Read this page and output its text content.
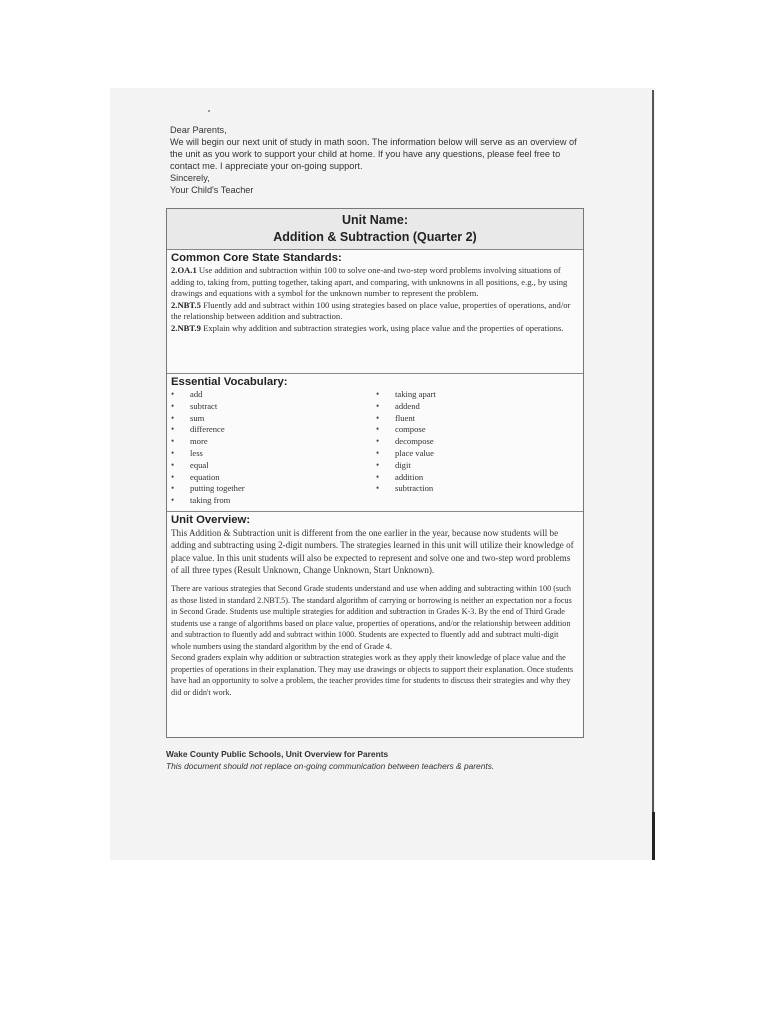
Dear Parents,

We will begin our next unit of study in math soon. The information below will serve as an overview of the unit as you work to support your child at home. If you have any questions, please feel free to contact me. I appreciate your on-going support.

Sincerely,

Your Child's Teacher

Unit Name:
Addition & Subtraction (Quarter 2)
Common Core State Standards:

2.OA.1 Use addition and subtraction within 100 to solve one-and two-step word problems involving situations of adding to, taking from, putting together, taking apart, and comparing, with unknowns in all positions, e.g., by using drawings and equations with a symbol for the unknown number to represent the problem.

2.NBT.5 Fluently add and subtract within 100 using strategies based on place value, properties of operations, and/or the relationship between addition and subtraction.

2.NBT.9 Explain why addition and subtraction strategies work, using place value and the properties of operations.

Essential Vocabulary:
• add
• subtract
• sum
• difference
• more
• less
• equal
• equation
• putting together
• taking from
• taking apart
• addend
• fluent
• compose
• decompose
• place value
• digit
• addition
• subtraction
Unit Overview:

This Addition & Subtraction unit is different from the one earlier in the year, because now students will be adding and subtracting using 2-digit numbers. The strategies learned in this unit will utilize their knowledge of place value. In this unit students will also be expected to represent and solve one and two-step word problems of all three types (Result Unknown, Change Unknown, Start Unknown).

There are various strategies that Second Grade students understand and use when adding and subtracting within 100 (such as those listed in standard 2.NBT.5). The standard algorithm of carrying or borrowing is neither an expectation nor a focus in Second Grade. Students use multiple strategies for addition and subtraction in Grades K-3. By the end of Third Grade students use a range of algorithms based on place value, properties of operations, and/or the relationship between addition and subtraction to fluently add and subtract within 1000. Students are expected to fluently add and subtract multi-digit whole numbers using the standard algorithm by the end of Grade 4.

Second graders explain why addition or subtraction strategies work as they apply their knowledge of place value and the properties of operations in their explanation. They may use drawings or objects to support their explanation. Once students have had an opportunity to solve a problem, the teacher provides time for students to discuss their strategies and why they did or didn't work.

Wake County Public Schools, Unit Overview for Parents
This document should not replace on-going communication between teachers & parents.
